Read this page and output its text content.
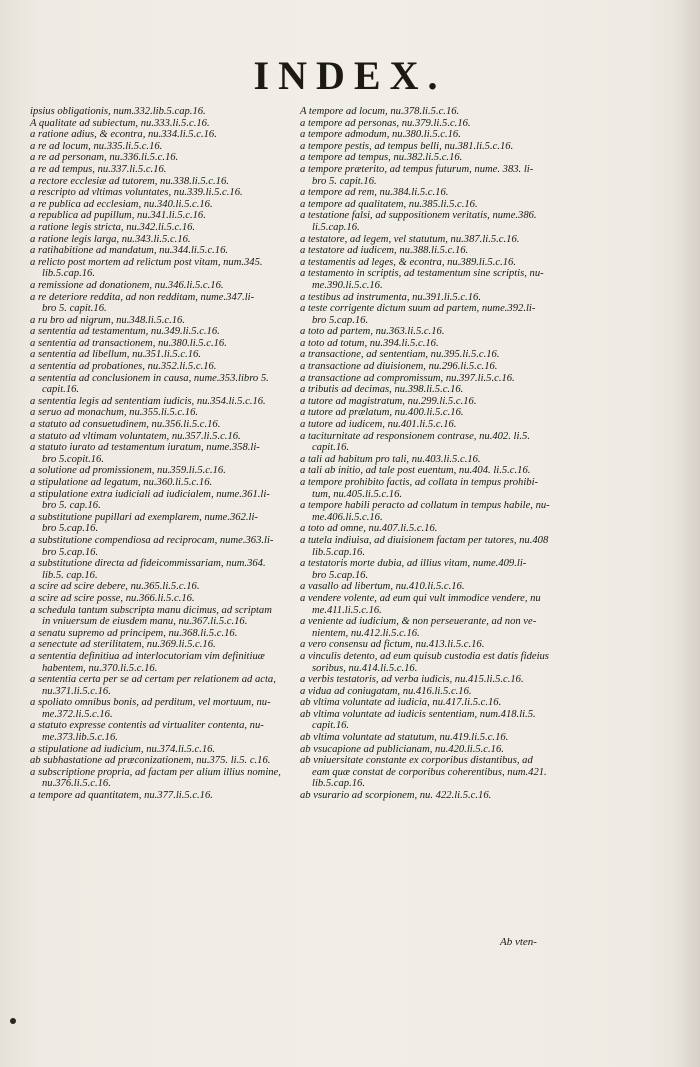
INDEX.
ipsius obligationis, num.332.lib.5.cap.16.
A qualitate ad subiectum, nu.333.li.5.c.16.
a ratione adius, & econtra, nu.334.li.5.c.16.
a re ad locum, nu.335.li.5.c.16.
a re ad personam, nu.336.li.5.c.16.
a re ad tempus, nu.337.li.5.c.16.
a rectore ecclesiæ ad tutorem, nu.338.li.5.c.16.
a rescripto ad vltimas voluntates, nu.339.li.5.c.16.
a re publica ad ecclesiam, nu.340.li.5.c.16.
a republica ad pupillum, nu.341.li.5.c.16.
a ratione legis stricta, nu.342.li.5.c.16.
a ratione legis larga, nu.343.li.5.c.16.
a ratihabitione ad mandatum, nu.344.li.5.c.16.
a relicto post mortem ad relictum post vitam, num.345.
lib.5.cap.16.
a remissione ad donationem, nu.346.li.5.c.16.
a re deteriore reddita, ad non redditam, nume.347.li-
bro 5. capit.16.
a ru bro ad nigrum, nu.348.li.5.c.16.
a sententia ad testamentum, nu.349.li.5.c.16.
a sententia ad transactionem, nu.380.li.5.c.16.
a sententia ad libellum, nu.351.li.5.c.16.
a sententia ad probationes, nu.352.li.5.c.16.
a sententia ad conclusionem in causa, nume.353.libro 5.
capit.16.
a sententia legis ad sententiam iudicis, nu.354.li.5.c.16.
a seruo ad monachum, nu.355.li.5.c.16.
a statuto ad consuetudinem, nu.356.li.5.c.16.
a statuto ad vltimam voluntatem, nu.357.li.5.c.16.
a statuto iurato ad testamentum iuratum, nume.358.li-
bro 5.copit.16.
a solutione ad promissionem, nu.359.li.5.c.16.
a stipulatione ad legatum, nu.360.li.5.c.16.
a stipulatione extra iudiciali ad iudicialem, nume.361.li-
bro 5. cap.16.
a substitutione pupillari ad exemplarem, nume.362.li-
bro 5.cap.16.
a substitutione compendiosa ad reciprocam, nume.363.li-
bro 5.cap.16.
a substitutione directa ad fideicommissariam, num.364.
lib.5. cap.16.
a scire ad scire debere, nu.365.li.5.c.16.
a scire ad scire posse, nu.366.li.5.c.16.
a schedula tantum subscripta manu dicimus, ad scriptam
in vniuersum de eiusdem manu, nu.367.li.5.c.16.
a senatu supremo ad principem, nu.368.li.5.c.16.
a senectute ad sterilitatem, nu.369.li.5.c.16.
a sententia definitiua ad interlocutoriam vim definitiuæ
habentem, nu.370.li.5.c.16.
a sententia certa per se ad certam per relationem ad acta,
nu.371.li.5.c.16.
a spoliato omnibus bonis, ad perditum, vel mortuum, nu-
me.372.li.5.c.16.
a statuto expresse contentis ad virtualiter contenta, nu-
me.373.lib.5.c.16.
a stipulatione ad iudicium, nu.374.li.5.c.16.
ab subhastatione ad præconizationem, nu.375. li.5. c.16.
a subscriptione propria, ad factam per alium illius nomine,
nu.376.li.5.c.16.
a tempore ad quantitatem, nu.377.li.5.c.16.
A tempore ad locum, nu.378.li.5.c.16.
a tempore ad personas, nu.379.li.5.c.16.
a tempore admodum, nu.380.li.5.c.16.
a tempore pestis, ad tempus belli, nu.381.li.5.c.16.
a tempore ad tempus, nu.382.li.5.c.16.
a tempore præterito, ad tempus futurum, nume. 383. li-
bro 5. capit.16.
a tempore ad rem, nu.384.li.5.c.16.
a tempore ad qualitatem, nu.385.li.5.c.16.
a testatione falsi, ad suppositionem veritatis, nume.386.
li.5.cap.16.
a testatore, ad legem, vel statutum, nu.387.li.5.c.16.
a testatore ad iudicem, nu.388.li.5.c.16.
a testamentis ad leges, & econtra, nu.389.li.5.c.16.
a testamento in scriptis, ad testamentum sine scriptis, nu-
me.390.li.5.c.16.
a testibus ad instrumenta, nu.391.li.5.c.16.
a teste corrigente dictum suum ad partem, nume.392.li-
bro 5.cap.16.
a toto ad partem, nu.363.li.5.c.16.
a toto ad totum, nu.394.li.5.c.16.
a transactione, ad sententiam, nu.395.li.5.c.16.
a transactione ad diuisionem, nu.296.li.5.c.16.
a transactione ad compromissum, nu.397.li.5.c.16.
a tributis ad decimas, nu.398.li.5.c.16.
a tutore ad magistratum, nu.299.li.5.c.16.
a tutore ad prælatum, nu.400.li.5.c.16.
a tutore ad iudicem, nu.401.li.5.c.16.
a taciturnitate ad responsionem contrase, nu.402. li.5.
capit.16.
a tali ad habitum pro tali, nu.403.li.5.c.16.
a tali ab initio, ad tale post euentum, nu.404. li.5.c.16.
a tempore prohibito factis, ad collata in tempus prohibi-
tum, nu.405.li.5.c.16.
a tempore habili peracto ad collatum in tempus habile, nu-
me.406.li.5.c.16.
a toto ad omne, nu.407.li.5.c.16.
a tutela indiuisa, ad diuisionem factam per tutores, nu.408
lib.5.cap.16.
a testatoris morte dubia, ad illius vitam, nume.409.li-
bro 5.cap.16.
a vasallo ad libertum, nu.410.li.5.c.16.
a vendere volente, ad eum qui vult immodice vendere, nu
me.411.li.5.c.16.
a veniente ad iudicium, & non perseuerante, ad non ve-
nientem, nu.412.li.5.c.16.
a vero consensu ad fictum, nu.413.li.5.c.16.
a vinculis detento, ad eum quisub custodia est datis fideius
soribus, nu.414.li.5.c.16.
a verbis testatoris, ad verba iudicis, nu.415.li.5.c.16.
a vidua ad coniugatam, nu.416.li.5.c.16.
ab vltima voluntate ad iudicia, nu.417.li.5.c.16.
ab vltima voluntate ad iudicis sententiam, num.418.li.5.
capit.16.
ab vltima voluntate ad statutum, nu.419.li.5.c.16.
ab vsucapione ad publicianam, nu.420.li.5.c.16.
ab vniuersitate constante ex corporibus distantibus, ad
eam quæ constat de corporibus coherentibus, num.421.
lib.5.cap.16.
ab vsurario ad scorpionem, nu. 422.li.5.c.16.
Ab vten-
